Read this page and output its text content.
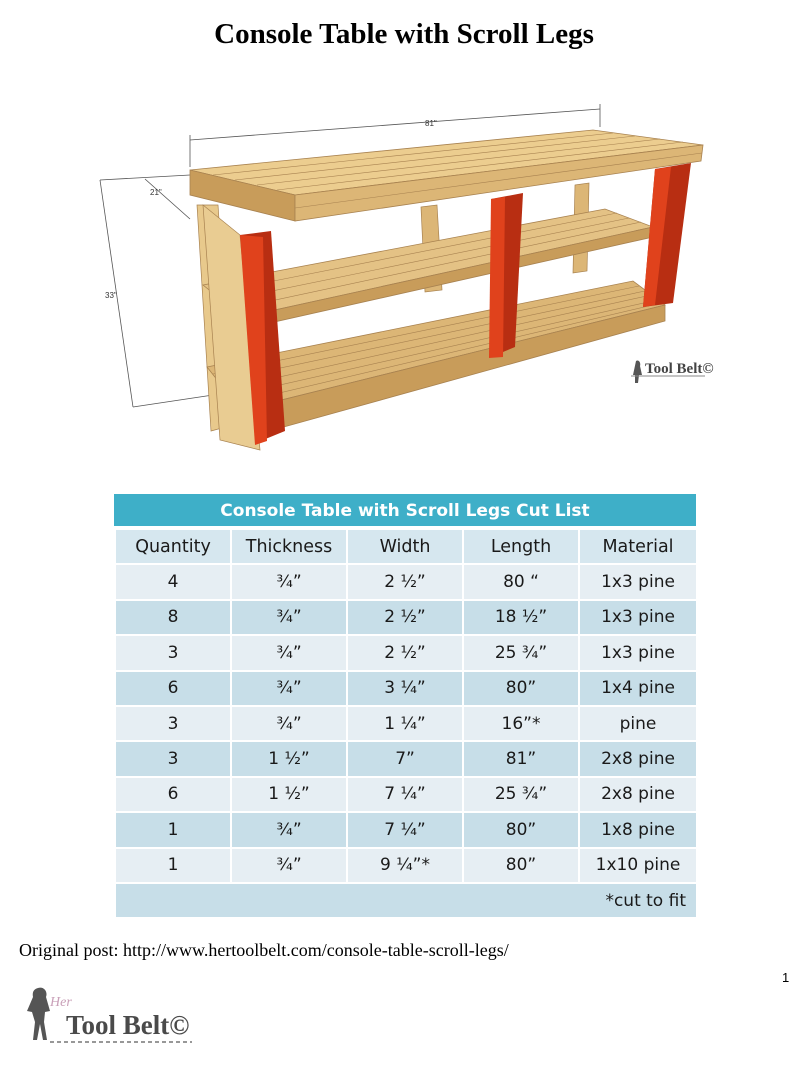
Console Table with Scroll Legs
81"
21"
33"
Tool Belt©
Console Table with Scroll Legs Cut List
Quantity	Thickness	Width	Length	Material
4	¾”	2 ½”	80 “	1x3 pine
8	¾”	2 ½”	18 ½”	1x3 pine
3	¾”	2 ½”	25 ¾”	1x3 pine
6	¾”	3 ¼”	80”	1x4 pine
3	¾”	1 ¼”	16”*	pine
3	1 ½”	7”	81”	2x8 pine
6	1 ½”	7 ¼”	25 ¾”	2x8 pine
1	¾”	7 ¼”	80”	1x8 pine
1	¾”	9 ¼”*	80”	1x10 pine
*cut to fit				
Original post: http://www.hertoolbelt.com/console-table-scroll-legs/
1
Her
Tool Belt©
